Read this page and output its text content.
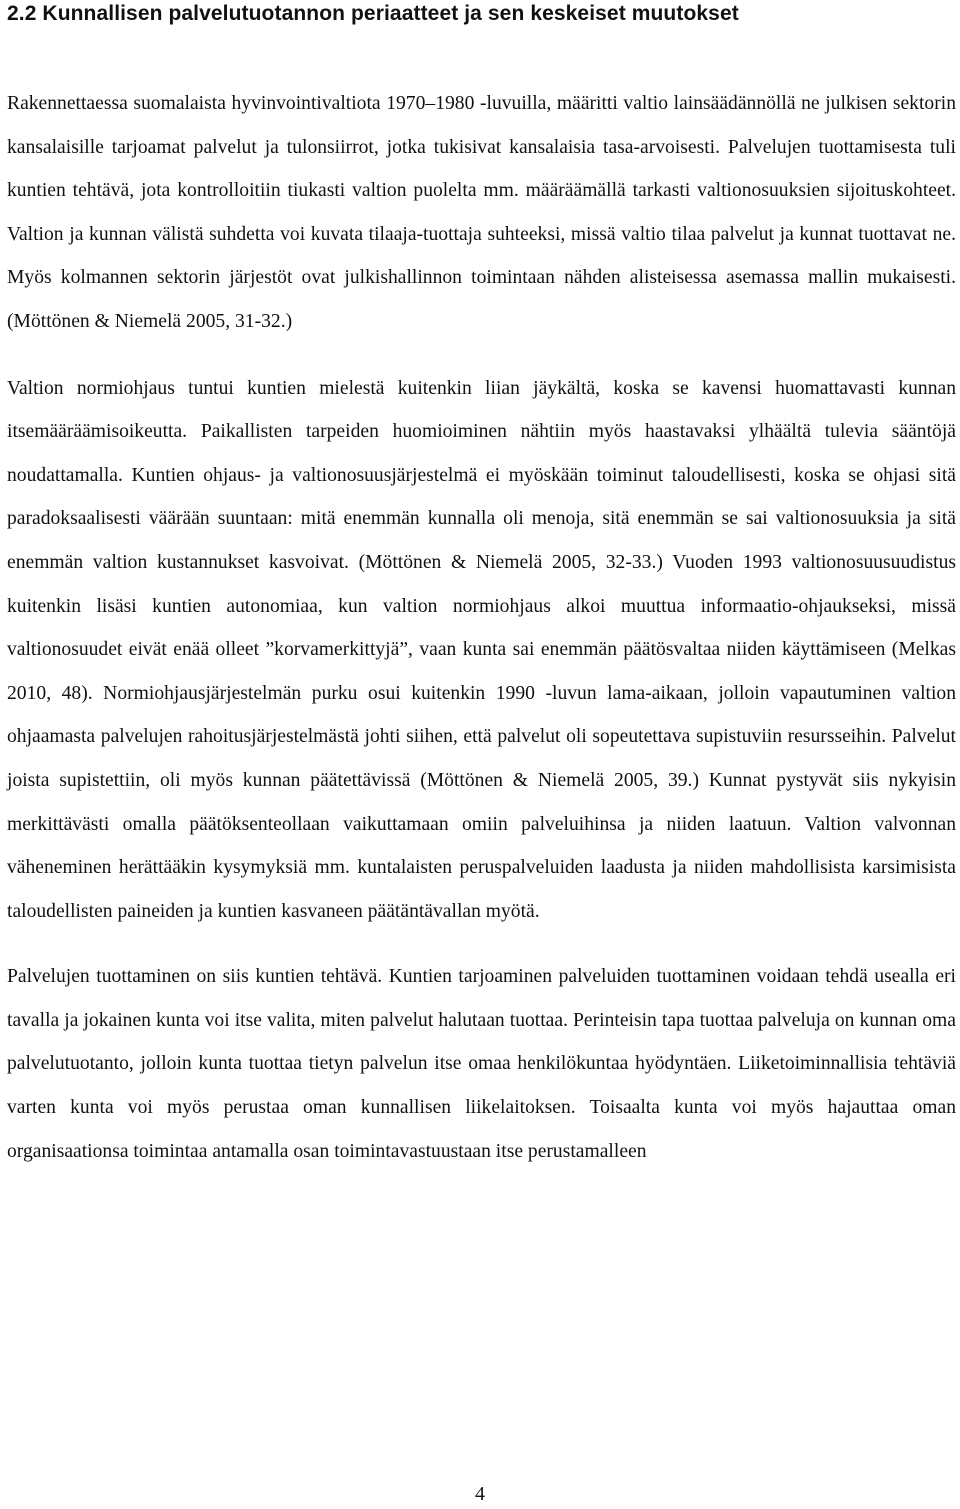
2.2 Kunnallisen palvelutuotannon periaatteet ja sen keskeiset muutokset

Rakennettaessa suomalaista hyvinvointivaltiota 1970–1980 -luvuilla, määritti valtio lainsäädännöllä ne julkisen sektorin kansalaisille tarjoamat palvelut ja tulonsiirrot, jotka tukisivat kansalaisia tasa-arvoisesti. Palvelujen tuottamisesta tuli kuntien tehtävä, jota kontrolloitiin tiukasti valtion puolelta mm. määräämällä tarkasti valtionosuuksien sijoituskohteet. Valtion ja kunnan välistä suhdetta voi kuvata tilaaja-tuottaja suhteeksi, missä valtio tilaa palvelut ja kunnat tuottavat ne. Myös kolmannen sektorin järjestöt ovat julkishallinnon toimintaan nähden alisteisessa asemassa mallin mukaisesti. (Möttönen & Niemelä 2005, 31-32.)

Valtion normiohjaus tuntui kuntien mielestä kuitenkin liian jäykältä, koska se kavensi huomattavasti kunnan itsemääräämisoikeutta. Paikallisten tarpeiden huomioiminen nähtiin myös haastavaksi ylhäältä tulevia sääntöjä noudattamalla. Kuntien ohjaus- ja valtionosuusjärjestelmä ei myöskään toiminut taloudellisesti, koska se ohjasi sitä paradoksaalisesti väärään suuntaan: mitä enemmän kunnalla oli menoja, sitä enemmän se sai valtionosuuksia ja sitä enemmän valtion kustannukset kasvoivat. (Möttönen & Niemelä 2005, 32-33.) Vuoden 1993 valtionosuusuudistus kuitenkin lisäsi kuntien autonomiaa, kun valtion normiohjaus alkoi muuttua informaatio-ohjaukseksi, missä valtionosuudet eivät enää olleet ”korvamerkittyjä”, vaan kunta sai enemmän päätösvaltaa niiden käyttämiseen (Melkas 2010, 48). Normiohjausjärjestelmän purku osui kuitenkin 1990 -luvun lama-aikaan, jolloin vapautuminen valtion ohjaamasta palvelujen rahoitusjärjestelmästä johti siihen, että palvelut oli sopeutettava supistuviin resursseihin. Palvelut joista supistettiin, oli myös kunnan päätettävissä (Möttönen & Niemelä 2005, 39.) Kunnat pystyvät siis nykyisin merkittävästi omalla päätöksenteollaan vaikuttamaan omiin palveluihinsa ja niiden laatuun. Valtion valvonnan väheneminen herättääkin kysymyksiä mm. kuntalaisten peruspalveluiden laadusta ja niiden mahdollisista karsimisista taloudellisten paineiden ja kuntien kasvaneen päätäntävallan myötä.

Palvelujen tuottaminen on siis kuntien tehtävä. Kuntien tarjoaminen palveluiden tuottaminen voidaan tehdä usealla eri tavalla ja jokainen kunta voi itse valita, miten palvelut halutaan tuottaa. Perinteisin tapa tuottaa palveluja on kunnan oma palvelutuotanto, jolloin kunta tuottaa tietyn palvelun itse omaa henkilökuntaa hyödyntäen. Liiketoiminnallisia tehtäviä varten kunta voi myös perustaa oman kunnallisen liikelaitoksen. Toisaalta kunta voi myös hajauttaa oman organisaationsa toimintaa antamalla osan toimintavastuustaan itse perustamalleen

4
